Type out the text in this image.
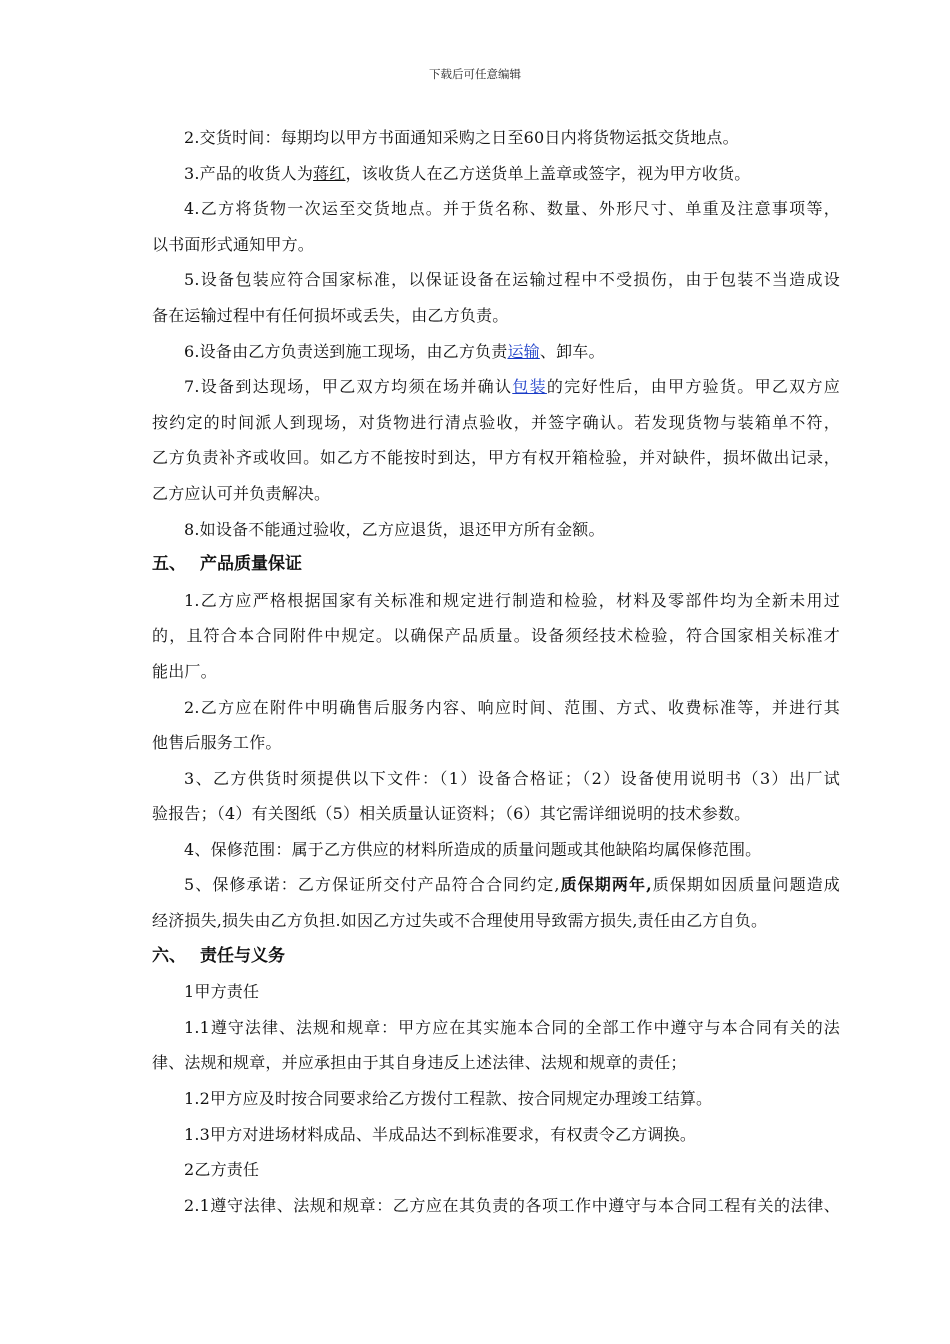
下载后可任意编辑
2.交货时间：每期均以甲方书面通知采购之日至60日内将货物运抵交货地点。
3.产品的收货人为蒋红，该收货人在乙方送货单上盖章或签字，视为甲方收货。
4.乙方将货物一次运至交货地点。并于货名称、数量、外形尺寸、单重及注意事项等，
以书面形式通知甲方。
5.设备包装应符合国家标准，以保证设备在运输过程中不受损伤，由于包装不当造成设
备在运输过程中有任何损坏或丢失，由乙方负责。
6.设备由乙方负责送到施工现场，由乙方负责运输、卸车。
7.设备到达现场，甲乙双方均须在场并确认包装的完好性后，由甲方验货。甲乙双方应
按约定的时间派人到现场，对货物进行清点验收，并签字确认。若发现货物与装箱单不符，
乙方负责补齐或收回。如乙方不能按时到达，甲方有权开箱检验，并对缺件，损坏做出记录，
乙方应认可并负责解决。
8.如设备不能通过验收，乙方应退货，退还甲方所有金额。
五、 产品质量保证
1.乙方应严格根据国家有关标准和规定进行制造和检验，材料及零部件均为全新未用过
的，且符合本合同附件中规定。以确保产品质量。设备须经技术检验，符合国家相关标准才
能出厂。
2.乙方应在附件中明确售后服务内容、响应时间、范围、方式、收费标准等，并进行其
他售后服务工作。
3、乙方供货时须提供以下文件：（1）设备合格证；（2）设备使用说明书（3）出厂试
验报告；（4）有关图纸（5）相关质量认证资料；（6）其它需详细说明的技术参数。
4、保修范围：属于乙方供应的材料所造成的质量问题或其他缺陷均属保修范围。
5、保修承诺：乙方保证所交付产品符合合同约定,质保期两年,质保期如因质量问题造成
经济损失,损失由乙方负担.如因乙方过失或不合理使用导致需方损失,责任由乙方自负。
六、 责任与义务
1甲方责任
1.1遵守法律、法规和规章：甲方应在其实施本合同的全部工作中遵守与本合同有关的法
律、法规和规章，并应承担由于其自身违反上述法律、法规和规章的责任；
1.2甲方应及时按合同要求给乙方拨付工程款、按合同规定办理竣工结算。
1.3甲方对进场材料成品、半成品达不到标准要求，有权责令乙方调换。
2乙方责任
2.1遵守法律、法规和规章：乙方应在其负责的各项工作中遵守与本合同工程有关的法律、
